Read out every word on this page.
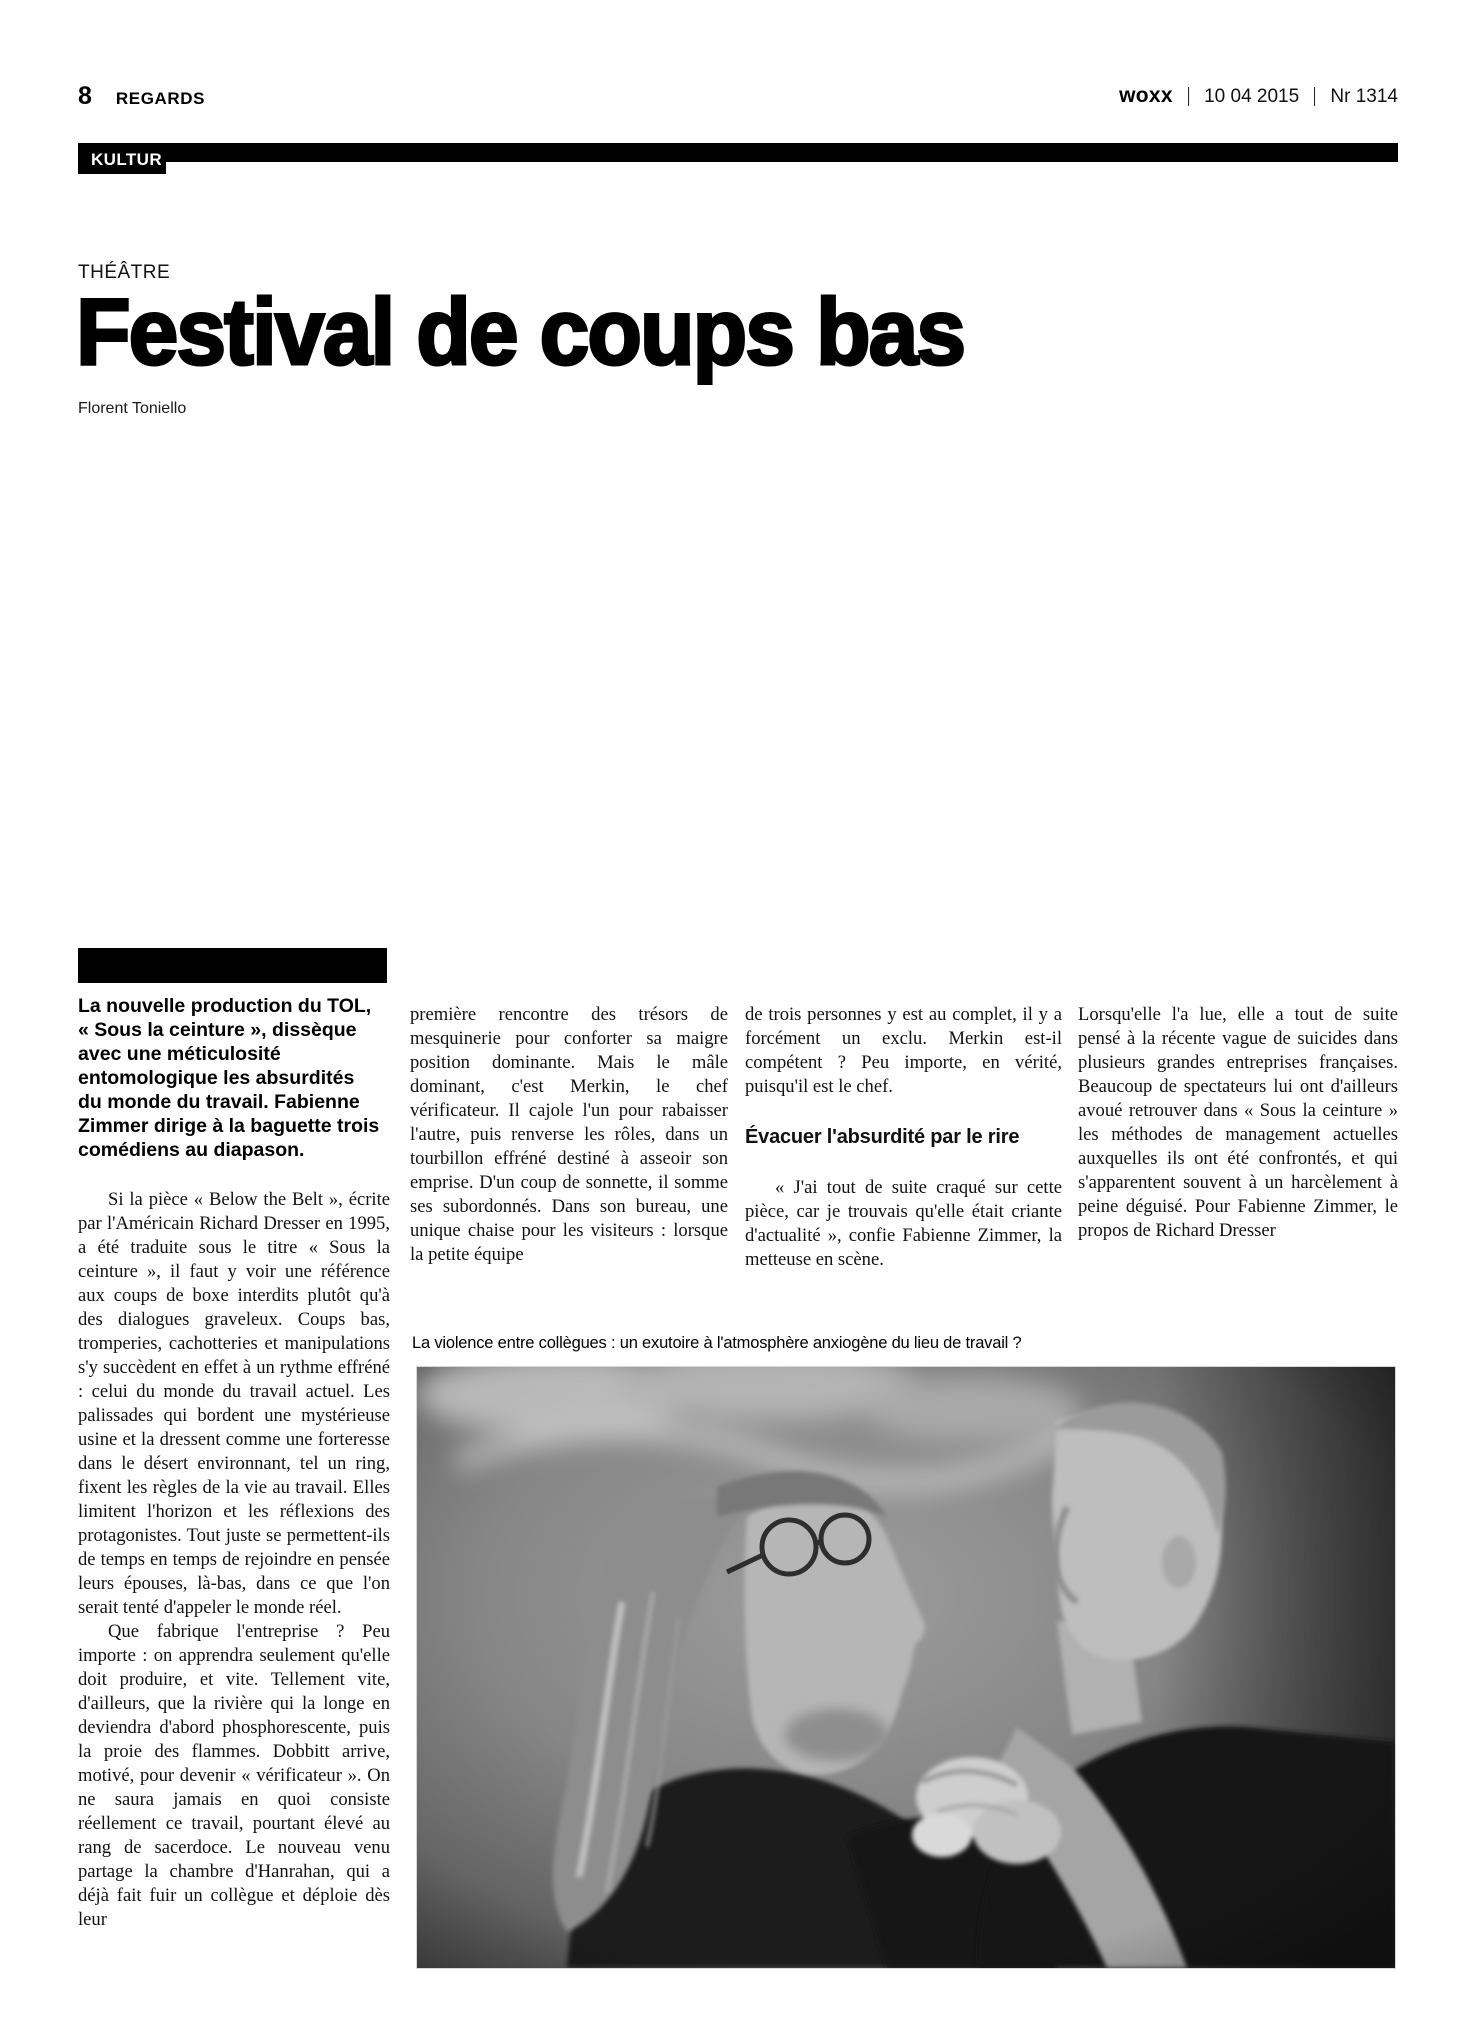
8 REGARDS	woxx | 10 04 2015 | Nr 1314
KULTUR
THÉÂTRE
Festival de coups bas
Florent Toniello
La nouvelle production du TOL, « Sous la ceinture », dissèque avec une méticulosité entomologique les absurdités du monde du travail. Fabienne Zimmer dirige à la baguette trois comédiens au diapason.

Si la pièce « Below the Belt », écrite par l'Américain Richard Dresser en 1995, a été traduite sous le titre « Sous la ceinture », il faut y voir une référence aux coups de boxe interdits plutôt qu'à des dialogues graveleux. Coups bas, tromperies, cachotteries et manipulations s'y succèdent en effet à un rythme effréné : celui du monde du travail actuel. Les palissades qui bordent une mystérieuse usine et la dressent comme une forteresse dans le désert environnant, tel un ring, fixent les règles de la vie au travail. Elles limitent l'horizon et les réflexions des protagonistes. Tout juste se permettent-ils de temps en temps de rejoindre en pensée leurs épouses, là-bas, dans ce que l'on serait tenté d'appeler le monde réel.

Que fabrique l'entreprise ? Peu importe : on apprendra seulement qu'elle doit produire, et vite. Tellement vite, d'ailleurs, que la rivière qui la longe en deviendra d'abord phosphorescente, puis la proie des flammes. Dobbitt arrive, motivé, pour devenir « vérificateur ». On ne saura jamais en quoi consiste réellement ce travail, pourtant élevé au rang de sacerdoce. Le nouveau venu partage la chambre d'Hanrahan, qui a déjà fait fuir un collègue et déploie dès leur

première rencontre des trésors de mesquinerie pour conforter sa maigre position dominante. Mais le mâle dominant, c'est Merkin, le chef vérificateur. Il cajole l'un pour rabaisser l'autre, puis renverse les rôles, dans un tourbillon effréné destiné à asseoir son emprise. D'un coup de sonnette, il somme ses subordonnés. Dans son bureau, une unique chaise pour les visiteurs : lorsque la petite équipe

de trois personnes y est au complet, il y a forcément un exclu. Merkin est-il compétent ? Peu importe, en vérité, puisqu'il est le chef.

Évacuer l'absurdité par le rire

« J'ai tout de suite craqué sur cette pièce, car je trouvais qu'elle était criante d'actualité », confie Fabienne Zimmer, la metteuse en scène.

Lorsqu'elle l'a lue, elle a tout de suite pensé à la récente vague de suicides dans plusieurs grandes entreprises françaises. Beaucoup de spectateurs lui ont d'ailleurs avoué retrouver dans « Sous la ceinture » les méthodes de management actuelles auxquelles ils ont été confrontés, et qui s'apparentent souvent à un harcèlement à peine déguisé. Pour Fabienne Zimmer, le propos de Richard Dresser

La violence entre collègues : un exutoire à l'atmosphère anxiogène du lieu de travail ?
